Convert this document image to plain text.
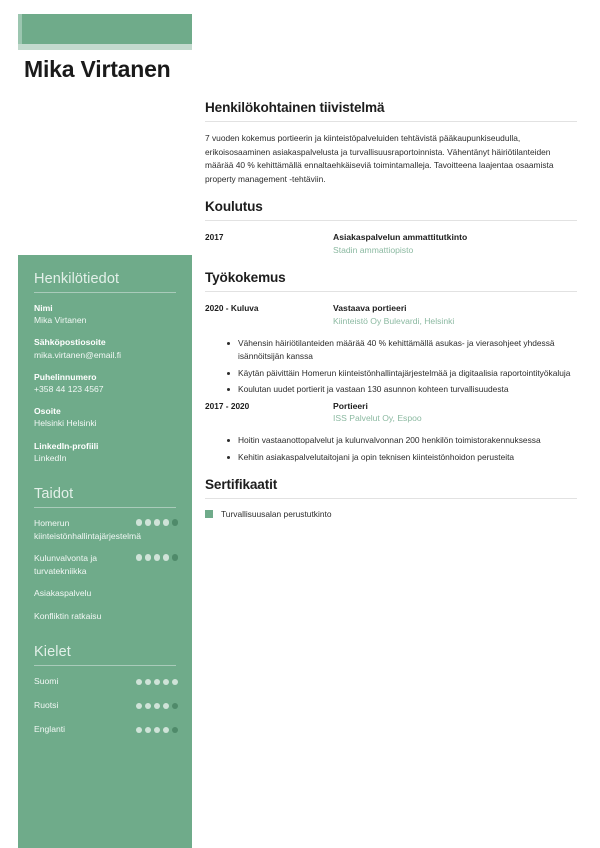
Mika Virtanen
Henkilötiedot
Nimi
Mika Virtanen
Sähköpostiosoite
mika.virtanen@email.fi
Puhelinnumero
+358 44 123 4567
Osoite
Helsinki Helsinki
LinkedIn-profiili
LinkedIn
Taidot
Homerun kiinteistönhallintajärjestelmä
Kulunvalvonta ja turvatekniikka
Asiakaspalvelu
Konfliktin ratkaisu
Kielet
Suomi
Ruotsi
Englanti
Henkilökohtainen tiivistelmä

7 vuoden kokemus portieerin ja kiinteistöpalveluiden tehtävistä pääkaupunkiseudulla, erikoisosaaminen asiakaspalvelusta ja turvallisuusraportoinnista. Vähentänyt häiriötilanteiden määrää 40 % kehittämällä ennaltaehkäiseviä toimintamalleja. Tavoitteena laajentaa osaamista property management -tehtäviin.

Koulutus
2017	Asiakaspalvelun ammattitutkinto
Stadin ammattiopisto
Työkokemus
2020 - Kuluva	Vastaava portieeri
Kiinteistö Oy Bulevardi, Helsinki
Vähensin häiriötilanteiden määrää 40 % kehittämällä asukas- ja vierasohjeet yhdessä isännöitsijän kanssa
Käytän päivittäin Homerun kiinteistönhallintajärjestelmää ja digitaalisia raportointityökaluja
Koulutan uudet portierit ja vastaan 130 asunnon kohteen turvallisuudesta
2017 - 2020	Portieeri
ISS Palvelut Oy, Espoo
Hoitin vastaanottopalvelut ja kulunvalvonnan 200 henkilön toimistorakennuksessa
Kehitin asiakaspalvelutaitojani ja opin teknisen kiinteistönhoidon perusteita
Sertifikaatit
Turvallisuusalan perustutkinto
